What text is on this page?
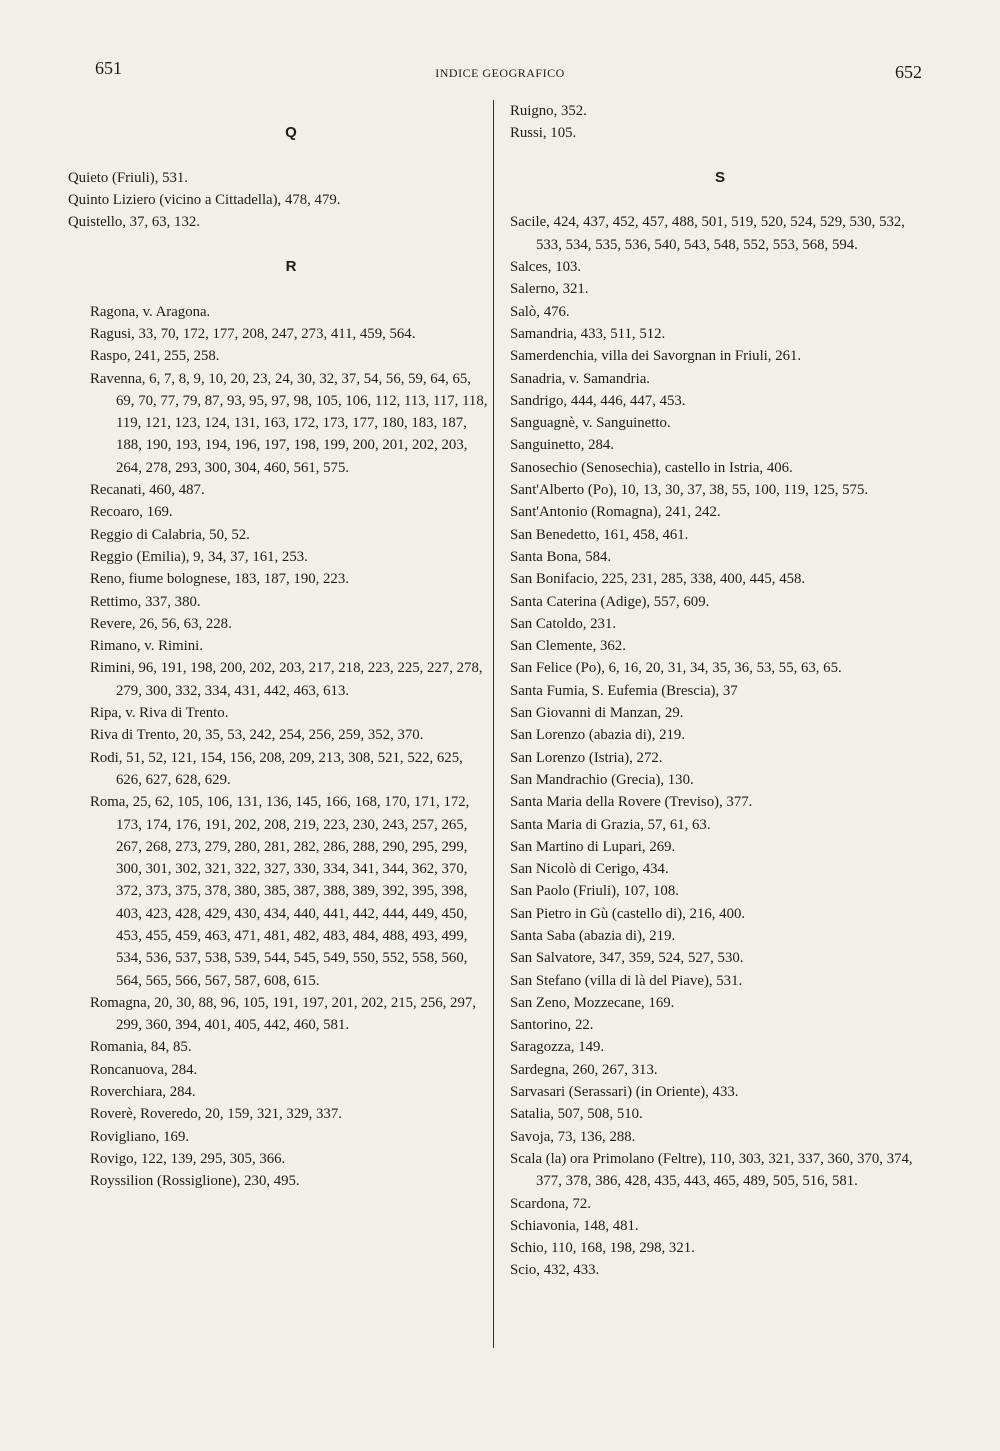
651	INDICE GEOGRAFICO	652
Q
Quieto (Friuli), 531.
Quinto Liziero (vicino a Cittadella), 478, 479.
Quistello, 37, 63, 132.
R
Ragona, v. Aragona.
Ragusi, 33, 70, 172, 177, 208, 247, 273, 411, 459, 564.
Raspo, 241, 255, 258.
Ravenna, 6, 7, 8, 9, 10, 20, 23, 24, 30, 32, 37, 54, 56, 59, 64, 65, 69, 70, 77, 79, 87, 93, 95, 97, 98, 105, 106, 112, 113, 117, 118, 119, 121, 123, 124, 131, 163, 172, 173, 177, 180, 183, 187, 188, 190, 193, 194, 196, 197, 198, 199, 200, 201, 202, 203, 264, 278, 293, 300, 304, 460, 561, 575.
Recanati, 460, 487.
Recoaro, 169.
Reggio di Calabria, 50, 52.
Reggio (Emilia), 9, 34, 37, 161, 253.
Reno, fiume bolognese, 183, 187, 190, 223.
Rettimo, 337, 380.
Revere, 26, 56, 63, 228.
Rimano, v. Rimini.
Rimini, 96, 191, 198, 200, 202, 203, 217, 218, 223, 225, 227, 278, 279, 300, 332, 334, 431, 442, 463, 613.
Ripa, v. Riva di Trento.
Riva di Trento, 20, 35, 53, 242, 254, 256, 259, 352, 370.
Rodi, 51, 52, 121, 154, 156, 208, 209, 213, 308, 521, 522, 625, 626, 627, 628, 629.
Roma, 25, 62, 105, 106, 131, 136, 145, 166, 168, 170, 171, 172, 173, 174, 176, 191, 202, 208, 219, 223, 230, 243, 257, 265, 267, 268, 273, 279, 280, 281, 282, 286, 288, 290, 295, 299, 300, 301, 302, 321, 322, 327, 330, 334, 341, 344, 362, 370, 372, 373, 375, 378, 380, 385, 387, 388, 389, 392, 395, 398, 403, 423, 428, 429, 430, 434, 440, 441, 442, 444, 449, 450, 453, 455, 459, 463, 471, 481, 482, 483, 484, 488, 493, 499, 534, 536, 537, 538, 539, 544, 545, 549, 550, 552, 558, 560, 564, 565, 566, 567, 587, 608, 615.
Romagna, 20, 30, 88, 96, 105, 191, 197, 201, 202, 215, 256, 297, 299, 360, 394, 401, 405, 442, 460, 581.
Romania, 84, 85.
Roncanuova, 284.
Roverchiara, 284.
Roverè, Roveredo, 20, 159, 321, 329, 337.
Rovigliano, 169.
Rovigo, 122, 139, 295, 305, 366.
Royssilion (Rossiglione), 230, 495.
Ruigno, 352.
Russi, 105.
S
Sacile, 424, 437, 452, 457, 488, 501, 519, 520, 524, 529, 530, 532, 533, 534, 535, 536, 540, 543, 548, 552, 553, 568, 594.
Salces, 103.
Salerno, 321.
Salò, 476.
Samandria, 433, 511, 512.
Samerdenchia, villa dei Savorgnan in Friuli, 261.
Sanadria, v. Samandria.
Sandrigo, 444, 446, 447, 453.
Sanguagnè, v. Sanguinetto.
Sanguinetto, 284.
Sanosechio (Senosechia), castello in Istria, 406.
Sant'Alberto (Po), 10, 13, 30, 37, 38, 55, 100, 119, 125, 575.
Sant'Antonio (Romagna), 241, 242.
San Benedetto, 161, 458, 461.
Santa Bona, 584.
San Bonifacio, 225, 231, 285, 338, 400, 445, 458.
Santa Caterina (Adige), 557, 609.
San Catoldo, 231.
San Clemente, 362.
San Felice (Po), 6, 16, 20, 31, 34, 35, 36, 53, 55, 63, 65.
Santa Fumia, S. Eufemia (Brescia), 37
San Giovanni di Manzan, 29.
San Lorenzo (abazia di), 219.
San Lorenzo (Istria), 272.
San Mandrachio (Grecia), 130.
Santa Maria della Rovere (Treviso), 377.
Santa Maria di Grazia, 57, 61, 63.
San Martino di Lupari, 269.
San Nicolò di Cerigo, 434.
San Paolo (Friuli), 107, 108.
San Pietro in Gù (castello di), 216, 400.
Santa Saba (abazia di), 219.
San Salvatore, 347, 359, 524, 527, 530.
San Stefano (villa di là del Piave), 531.
San Zeno, Mozzecane, 169.
Santorino, 22.
Saragozza, 149.
Sardegna, 260, 267, 313.
Sarvasari (Serassari) (in Oriente), 433.
Satalia, 507, 508, 510.
Savoja, 73, 136, 288.
Scala (la) ora Primolano (Feltre), 110, 303, 321, 337, 360, 370, 374, 377, 378, 386, 428, 435, 443, 465, 489, 505, 516, 581.
Scardona, 72.
Schiavonia, 148, 481.
Schio, 110, 168, 198, 298, 321.
Scio, 432, 433.
